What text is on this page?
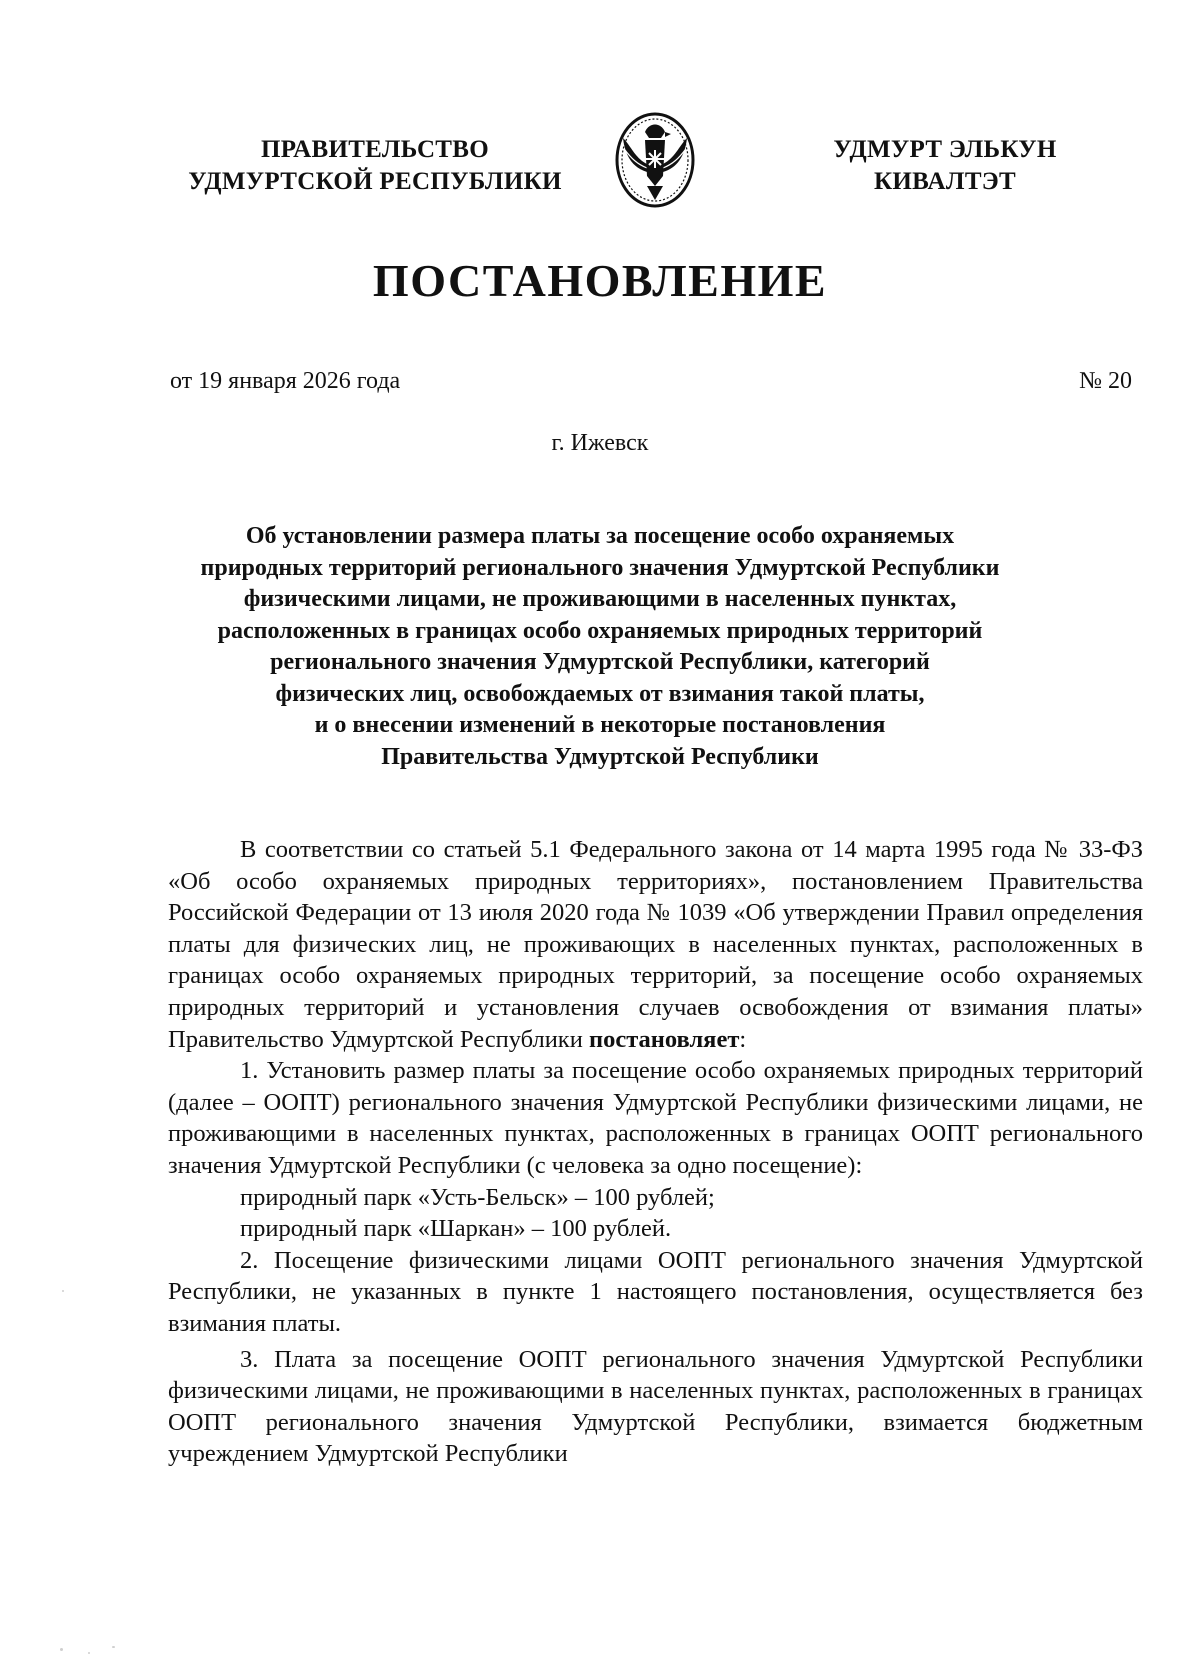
ПРАВИТЕЛЬСТВО
УДМУРТСКОЙ РЕСПУБЛИКИ
УДМУРТ ЭЛЬКУН
КИВАЛТЭТ
ПОСТАНОВЛЕНИЕ
от 19 января 2026 года	№ 20
г. Ижевск
Об установлении размера платы за посещение особо охраняемых
природных территорий регионального значения Удмуртской Республики
физическими лицами, не проживающими в населенных пунктах,
расположенных в границах особо охраняемых природных территорий
регионального значения Удмуртской Республики, категорий
физических лиц, освобождаемых от взимания такой платы,
и о внесении изменений в некоторые постановления
Правительства Удмуртской Республики

В соответствии со статьей 5.1 Федерального закона от 14 марта 1995 года № 33-ФЗ «Об особо охраняемых природных территориях», постановлением Правительства Российской Федерации от 13 июля 2020 года № 1039 «Об утверждении Правил определения платы для физических лиц, не проживающих в населенных пунктах, расположенных в границах особо охраняемых природных территорий, за посещение особо охраняемых природных территорий и установления случаев освобождения от взимания платы» Правительство Удмуртской Республики постановляет:

1. Установить размер платы за посещение особо охраняемых природных территорий (далее – ООПТ) регионального значения Удмуртской Республики физическими лицами, не проживающими в населенных пунктах, расположенных в границах ООПТ регионального значения Удмуртской Республики (с человека за одно посещение):

природный парк «Усть-Бельск» – 100 рублей;

природный парк «Шаркан» – 100 рублей.

2. Посещение физическими лицами ООПТ регионального значения Удмуртской Республики, не указанных в пункте 1 настоящего постановления, осуществляется без взимания платы.

3. Плата за посещение ООПТ регионального значения Удмуртской Республики физическими лицами, не проживающими в населенных пунктах, расположенных в границах ООПТ регионального значения Удмуртской Республики, взимается бюджетным учреждением Удмуртской Республики
